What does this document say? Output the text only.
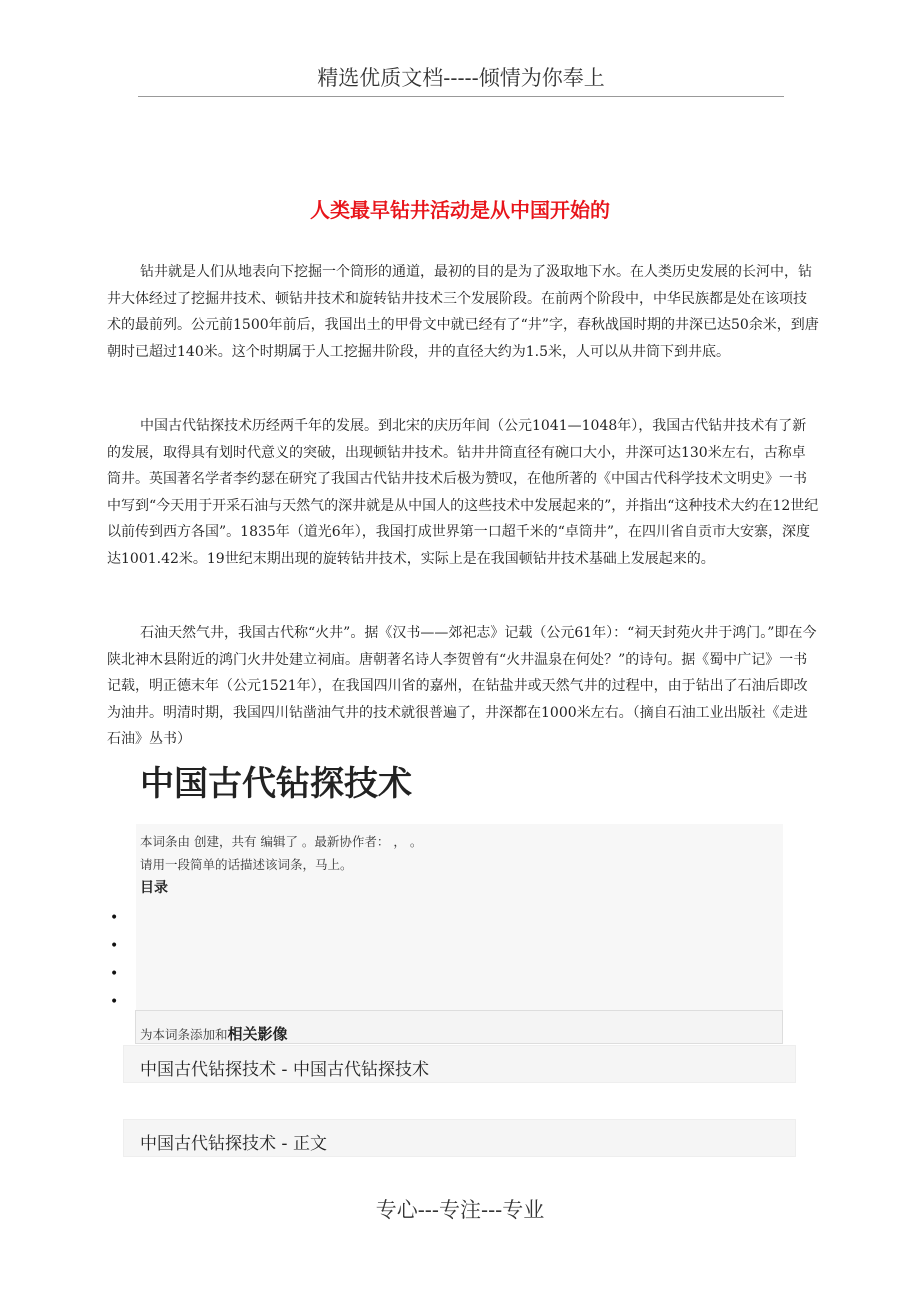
精选优质文档-----倾情为你奉上
人类最早钻井活动是从中国开始的

钻井就是人们从地表向下挖掘一个筒形的通道，最初的目的是为了汲取地下水。在人类历史发展的长河中，钻井大体经过了挖掘井技术、顿钻井技术和旋转钻井技术三个发展阶段。在前两个阶段中，中华民族都是处在该项技术的最前列。公元前1500年前后，我国出土的甲骨文中就已经有了“井”字，春秋战国时期的井深已达50余米，到唐朝时已超过140米。这个时期属于人工挖掘井阶段，井的直径大约为1.5米，人可以从井筒下到井底。

中国古代钻探技术历经两千年的发展。到北宋的庆历年间（公元1041—1048年），我国古代钻井技术有了新的发展，取得具有划时代意义的突破，出现顿钻井技术。钻井井筒直径有碗口大小，井深可达130米左右，古称卓筒井。英国著名学者李约瑟在研究了我国古代钻井技术后极为赞叹，在他所著的《中国古代科学技术文明史》一书中写到“今天用于开采石油与天然气的深井就是从中国人的这些技术中发展起来的”，并指出“这种技术大约在12世纪以前传到西方各国”。1835年（道光6年），我国打成世界第一口超千米的“卓筒井”，在四川省自贡市大安寨，深度达1001.42米。19世纪末期出现的旋转钻井技术，实际上是在我国顿钻井技术基础上发展起来的。

石油天然气井，我国古代称“火井”。据《汉书——郊祀志》记载（公元61年）：“祠天封苑火井于鸿门。”即在今陕北神木县附近的鸿门火井处建立祠庙。唐朝著名诗人李贺曾有“火井温泉在何处？”的诗句。据《蜀中广记》一书记载，明正德末年（公元1521年），在我国四川省的嘉州，在钻盐井或天然气井的过程中，由于钻出了石油后即改为油井。明清时期，我国四川钻凿油气井的技术就很普遍了，井深都在1000米左右。（摘自石油工业出版社《走进石油》丛书）

中国古代钻探技术
本词条由 创建，共有 编辑了 。最新协作者： ， 。
请用一段简单的话描述该词条，马上。
目录
•
•
•
•
为本词条添加和相关影像
中国古代钻探技术 - 中国古代钻探技术
中国古代钻探技术 - 正文
专心---专注---专业
